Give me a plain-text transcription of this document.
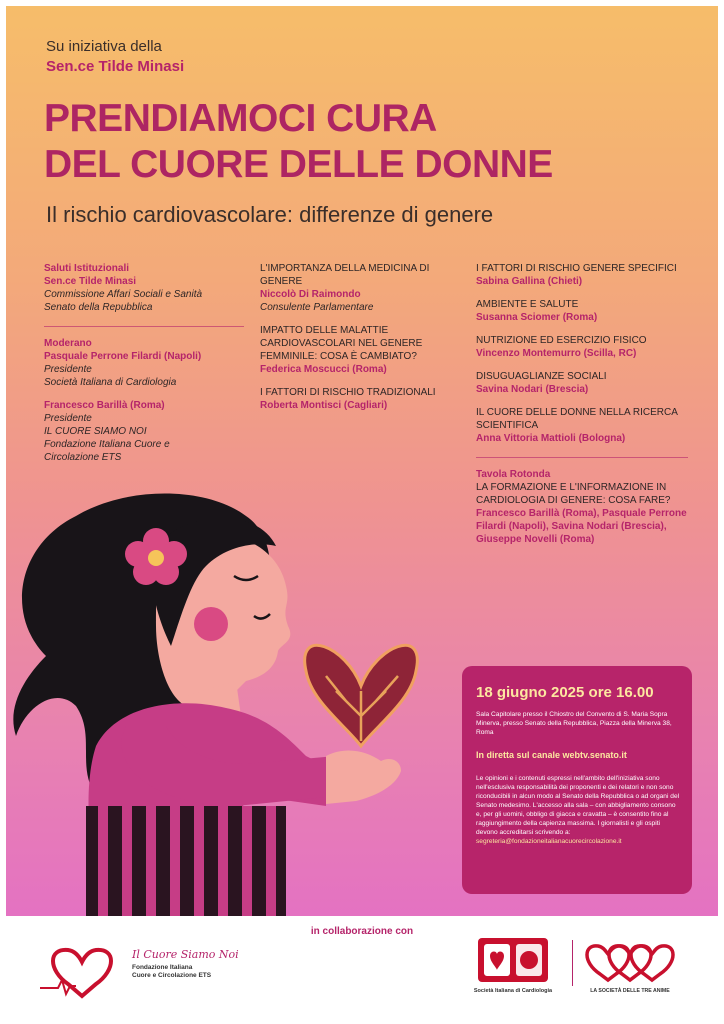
Su iniziativa della
Sen.ce Tilde Minasi
PRENDIAMOCI CURA
DEL CUORE DELLE DONNE
Il rischio cardiovascolare: differenze di genere
Saluti Istituzionali
Sen.ce Tilde Minasi
Commissione Affari Sociali e Sanità
Senato della Repubblica
Moderano
Pasquale Perrone Filardi (Napoli)
Presidente
Società Italiana di Cardiologia
Francesco Barillà (Roma)
Presidente
IL CUORE SIAMO NOI
Fondazione Italiana Cuore e
Circolazione ETS
L'IMPORTANZA DELLA MEDICINA DI GENERE
Niccolò Di Raimondo
Consulente Parlamentare
IMPATTO DELLE MALATTIE CARDIOVASCOLARI NEL GENERE FEMMINILE: COSA È CAMBIATO?
Federica Moscucci (Roma)
I FATTORI DI RISCHIO TRADIZIONALI
Roberta Montisci (Cagliari)
I FATTORI DI RISCHIO GENERE SPECIFICI
Sabina Gallina (Chieti)
AMBIENTE E SALUTE
Susanna Sciomer (Roma)
NUTRIZIONE ED ESERCIZIO FISICO
Vincenzo Montemurro (Scilla, RC)
DISUGUAGLIANZE SOCIALI
Savina Nodari (Brescia)
IL CUORE DELLE DONNE NELLA RICERCA SCIENTIFICA
Anna Vittoria Mattioli (Bologna)
Tavola Rotonda
LA FORMAZIONE E L'INFORMAZIONE IN CARDIOLOGIA DI GENERE: COSA FARE?
Francesco Barillà (Roma), Pasquale Perrone Filardi (Napoli), Savina Nodari (Brescia), Giuseppe Novelli (Roma)
18 giugno 2025 ore 16.00
Sala Capitolare presso il Chiostro del Convento di S. Maria Sopra Minerva, presso Senato della Repubblica, Piazza della Minerva 38, Roma
In diretta sul canale webtv.senato.it
Le opinioni e i contenuti espressi nell'ambito dell'iniziativa sono nell'esclusiva responsabilità dei proponenti e dei relatori e non sono riconducibili in alcun modo al Senato della Repubblica o ad organi del Senato medesimo. L'accesso alla sala – con abbigliamento consono e, per gli uomini, obbligo di giacca e cravatta – è consentito fino al raggiungimento della capienza massima. I giornalisti e gli ospiti devono accreditarsi scrivendo a: segreteria@fondazioneitalianacuorecircolazione.it
in collaborazione con
Il Cuore Siamo Noi
Fondazione Italiana
Cuore e Circolazione ETS
Società Italiana di Cardiologia	LA SOCIETÀ DELLE TRE ANIME
